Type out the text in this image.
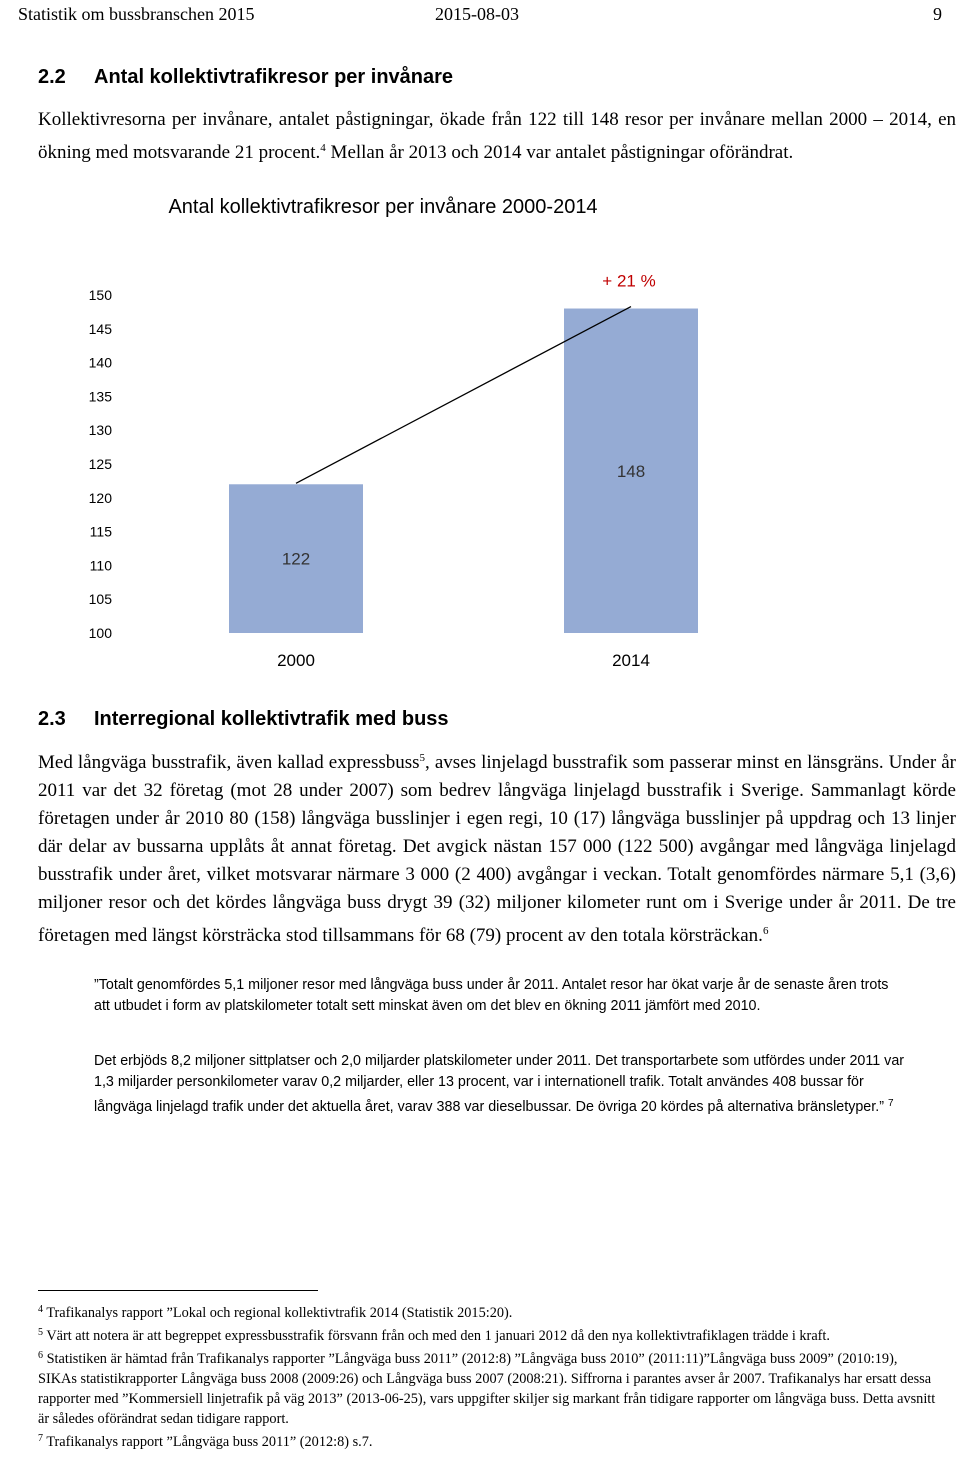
Statistik om bussbranschen 2015	2015-08-03	9
2.2 Antal kollektivtrafikresor per invånare
Kollektivresorna per invånare, antalet påstigningar, ökade från 122 till 148 resor per invånare mellan 2000 – 2014, en ökning med motsvarande 21 procent.$^4$ Mellan år 2013 och 2014 var antalet påstigningar oförändrat.
Antal kollektivtrafikresor per invånare 2000-2014
100
105
110
115
120
125
130
135
140
145
150
122
2000
148
2014
+ 21 %
2.3 Interregional kollektivtrafik med buss
Med långväga busstrafik, även kallad expressbuss$^5$, avses linjelagd busstrafik som passerar minst en länsgräns. Under år 2011 var det 32 företag (mot 28 under 2007) som bedrev långväga linjelagd busstrafik i Sverige. Sammanlagt körde företagen under år 2010 80 (158) långväga busslinjer i egen regi, 10 (17) långväga busslinjer på uppdrag och 13 linjer där delar av bussarna upplåts åt annat företag. Det avgick nästan 157 000 (122 500) avgångar med långväga linjelagd busstrafik under året, vilket motsvarar närmare 3 000 (2 400) avgångar i veckan. Totalt genomfördes närmare 5,1 (3,6) miljoner resor och det kördes långväga buss drygt 39 (32) miljoner kilometer runt om i Sverige under år 2011. De tre företagen med längst körsträcka stod tillsammans för 68 (79) procent av den totala körsträckan.$^6$
”Totalt genomfördes 5,1 miljoner resor med långväga buss under år 2011. Antalet resor har ökat varje år de senaste åren trots att utbudet i form av platskilometer totalt sett minskat även om det blev en ökning 2011 jämfört med 2010.
Det erbjöds 8,2 miljoner sittplatser och 2,0 miljarder platskilometer under 2011. Det transportarbete som utfördes under 2011 var 1,3 miljarder personkilometer varav 0,2 miljarder, eller 13 procent, var i internationell trafik. Totalt användes 408 bussar för långväga linjelagd trafik under det aktuella året, varav 388 var dieselbussar. De övriga 20 kördes på alternativa bränsletyper.” $^7$

$^4$ Trafikanalys rapport ”Lokal och regional kollektivtrafik 2014 (Statistik 2015:20).

$^5$ Värt att notera är att begreppet expressbusstrafik försvann från och med den 1 januari 2012 då den nya kollektivtrafiklagen trädde i kraft.

$^6$ Statistiken är hämtad från Trafikanalys rapporter ”Långväga buss 2011” (2012:8) ”Långväga buss 2010” (2011:11)”Långväga buss 2009” (2010:19), SIKAs statistikrapporter Långväga buss 2008 (2009:26) och Långväga buss 2007 (2008:21). Siffrorna i parantes avser år 2007. Trafikanalys har ersatt dessa rapporter med ”Kommersiell linjetrafik på väg 2013” (2013-06-25), vars uppgifter skiljer sig markant från tidigare rapporter om långväga buss. Detta avsnitt är således oförändrat sedan tidigare rapport.

$^7$ Trafikanalys rapport ”Långväga buss 2011” (2012:8) s.7.
